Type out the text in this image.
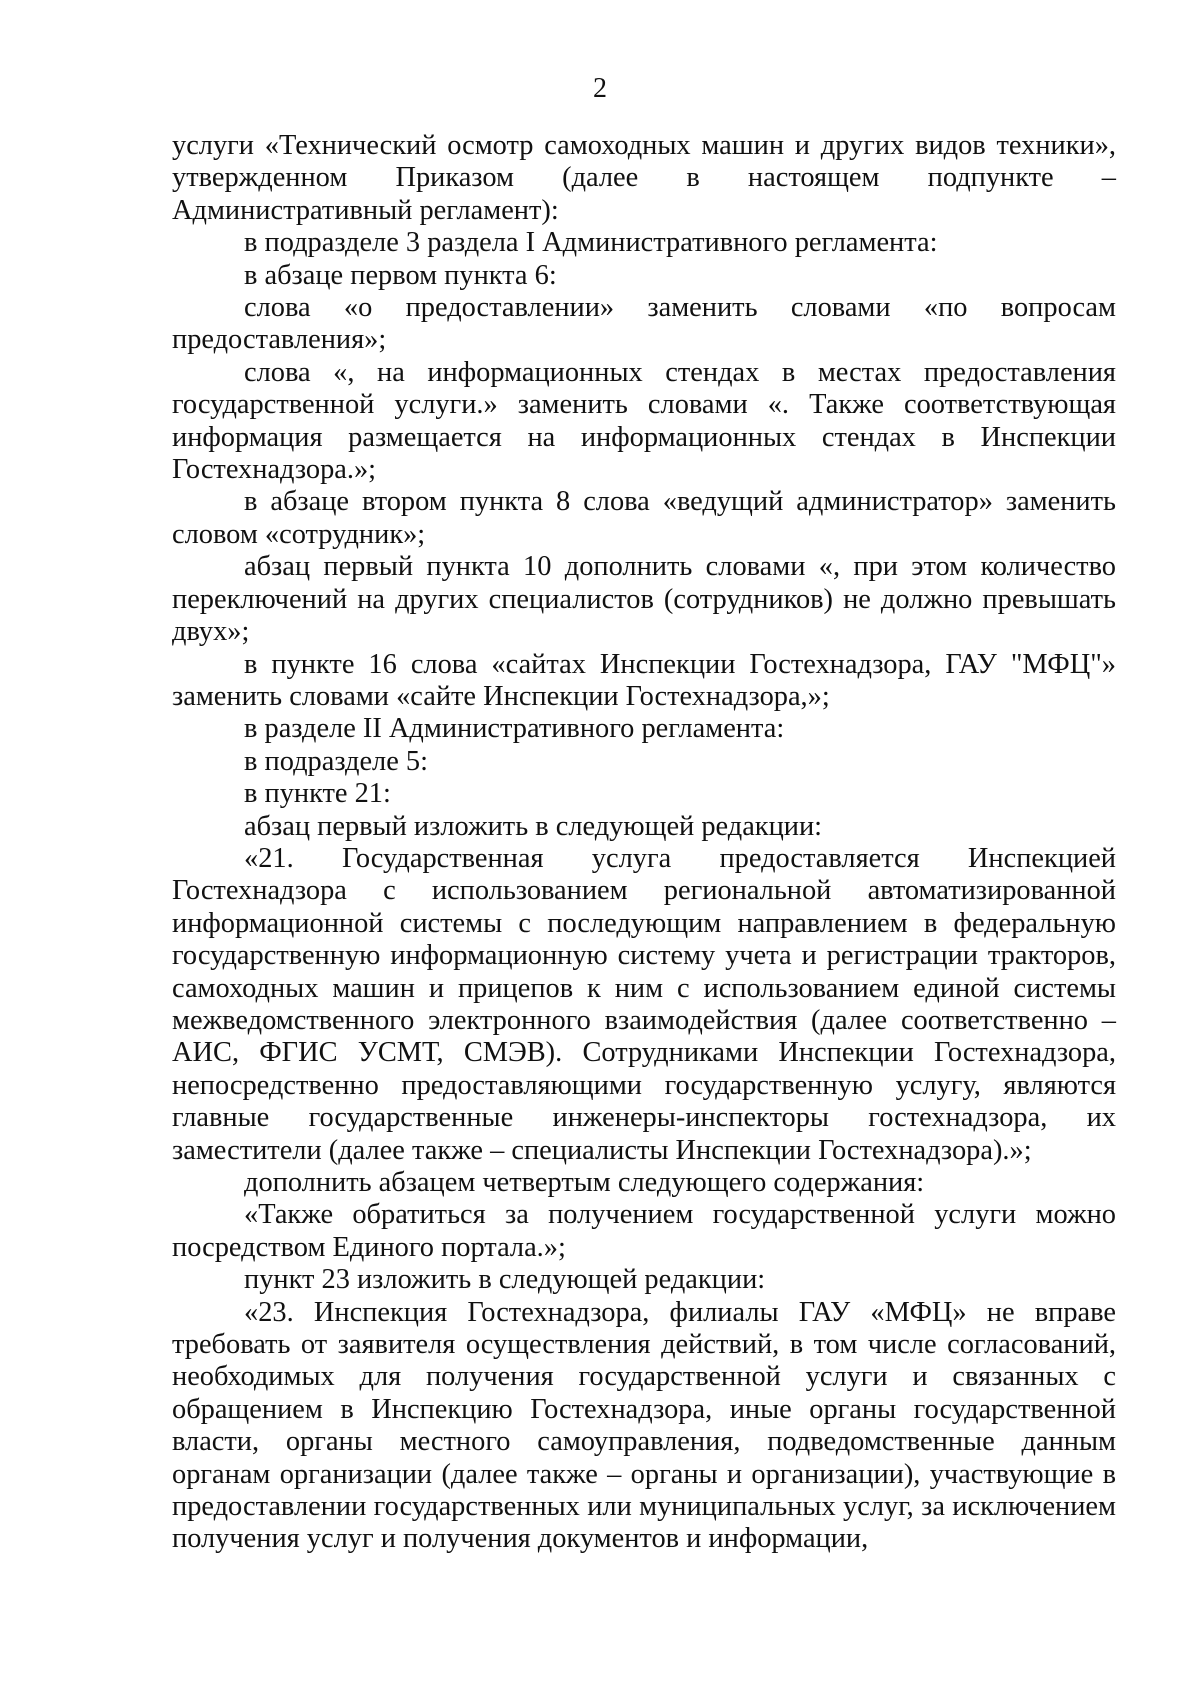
2

услуги «Технический осмотр самоходных машин и других видов техники», утвержденном Приказом (далее в настоящем подпункте – Административный регламент):

в подразделе 3 раздела I Административного регламента:

в абзаце первом пункта 6:

слова «о предоставлении» заменить словами «по вопросам предоставления»;

слова «, на информационных стендах в местах предоставления государственной услуги.» заменить словами «. Также соответствующая информация размещается на информационных стендах в Инспекции Гостехнадзора.»;

в абзаце втором пункта 8 слова «ведущий администратор» заменить словом «сотрудник»;

абзац первый пункта 10 дополнить словами «, при этом количество переключений на других специалистов (сотрудников) не должно превышать двух»;

в пункте 16 слова «сайтах Инспекции Гостехнадзора, ГАУ "МФЦ"» заменить словами «сайте Инспекции Гостехнадзора,»;

в разделе II Административного регламента:

в подразделе 5:

в пункте 21:

абзац первый изложить в следующей редакции:

«21. Государственная услуга предоставляется Инспекцией Гостехнадзора с использованием региональной автоматизированной информационной системы с последующим направлением в федеральную государственную информационную систему учета и регистрации тракторов, самоходных машин и прицепов к ним с использованием единой системы межведомственного электронного взаимодействия (далее соответственно – АИС, ФГИС УСМТ, СМЭВ). Сотрудниками Инспекции Гостехнадзора, непосредственно предоставляющими государственную услугу, являются главные государственные инженеры-инспекторы гостехнадзора, их заместители (далее также – специалисты Инспекции Гостехнадзора).»;

дополнить абзацем четвертым следующего содержания:

«Также обратиться за получением государственной услуги можно посредством Единого портала.»;

пункт 23 изложить в следующей редакции:

«23. Инспекция Гостехнадзора, филиалы ГАУ «МФЦ» не вправе требовать от заявителя осуществления действий, в том числе согласований, необходимых для получения государственной услуги и связанных с обращением в Инспекцию Гостехнадзора, иные органы государственной власти, органы местного самоуправления, подведомственные данным органам организации (далее также – органы и организации), участвующие в предоставлении государственных или муниципальных услуг, за исключением получения услуг и получения документов и информации,
